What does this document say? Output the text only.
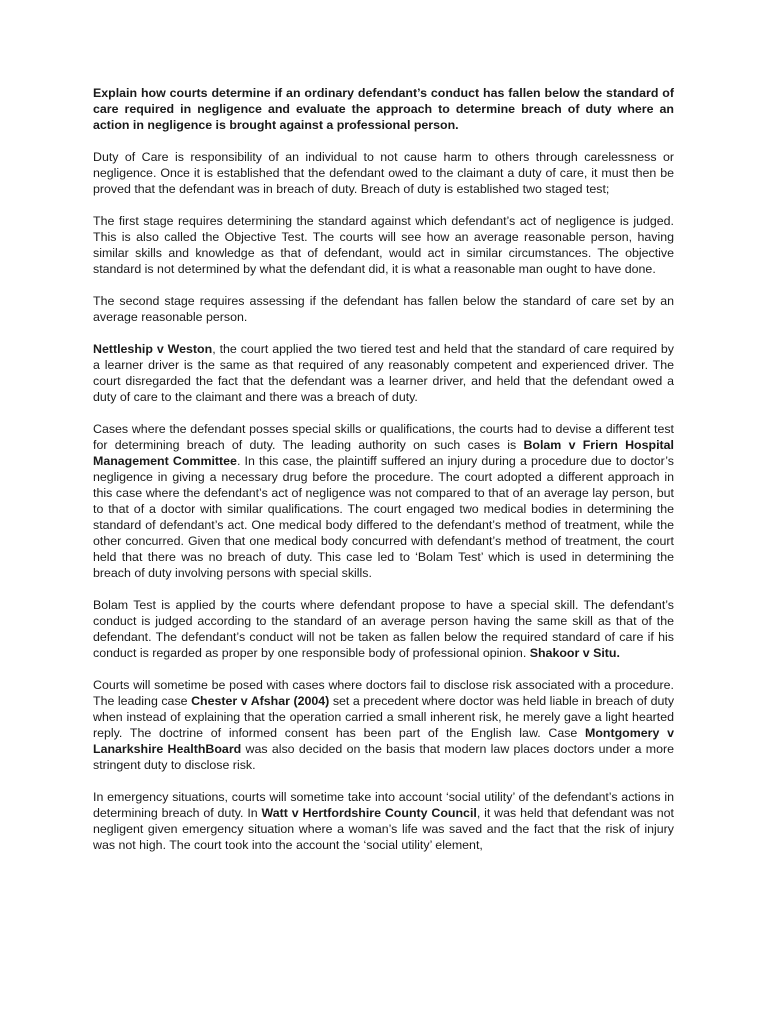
Explain how courts determine if an ordinary defendant’s conduct has fallen below the standard of care required in negligence and evaluate the approach to determine breach of duty where an action in negligence is brought against a professional person.

Duty of Care is responsibility of an individual to not cause harm to others through carelessness or negligence. Once it is established that the defendant owed to the claimant a duty of care, it must then be proved that the defendant was in breach of duty. Breach of duty is established two staged test;

The first stage requires determining the standard against which defendant’s act of negligence is judged. This is also called the Objective Test. The courts will see how an average reasonable person, having similar skills and knowledge as that of defendant, would act in similar circumstances. The objective standard is not determined by what the defendant did, it is what a reasonable man ought to have done.

The second stage requires assessing if the defendant has fallen below the standard of care set by an average reasonable person.

Nettleship v Weston, the court applied the two tiered test and held that the standard of care required by a learner driver is the same as that required of any reasonably competent and experienced driver. The court disregarded the fact that the defendant was a learner driver, and held that the defendant owed a duty of care to the claimant and there was a breach of duty.

Cases where the defendant posses special skills or qualifications, the courts had to devise a different test for determining breach of duty. The leading authority on such cases is Bolam v Friern Hospital Management Committee. In this case, the plaintiff suffered an injury during a procedure due to doctor’s negligence in giving a necessary drug before the procedure. The court adopted a different approach in this case where the defendant’s act of negligence was not compared to that of an average lay person, but to that of a doctor with similar qualifications. The court engaged two medical bodies in determining the standard of defendant’s act. One medical body differed to the defendant’s method of treatment, while the other concurred. Given that one medical body concurred with defendant’s method of treatment, the court held that there was no breach of duty. This case led to ‘Bolam Test’ which is used in determining the breach of duty involving persons with special skills.

Bolam Test is applied by the courts where defendant propose to have a special skill. The defendant’s conduct is judged according to the standard of an average person having the same skill as that of the defendant. The defendant’s conduct will not be taken as fallen below the required standard of care if his conduct is regarded as proper by one responsible body of professional opinion. Shakoor v Situ.

Courts will sometime be posed with cases where doctors fail to disclose risk associated with a procedure. The leading case Chester v Afshar (2004) set a precedent where doctor was held liable in breach of duty when instead of explaining that the operation carried a small inherent risk, he merely gave a light hearted reply. The doctrine of informed consent has been part of the English law. Case Montgomery v Lanarkshire HealthBoard was also decided on the basis that modern law places doctors under a more stringent duty to disclose risk.

In emergency situations, courts will sometime take into account ‘social utility’ of the defendant’s actions in determining breach of duty. In Watt v Hertfordshire County Council, it was held that defendant was not negligent given emergency situation where a woman’s life was saved and the fact that the risk of injury was not high. The court took into the account the ‘social utility’ element,
